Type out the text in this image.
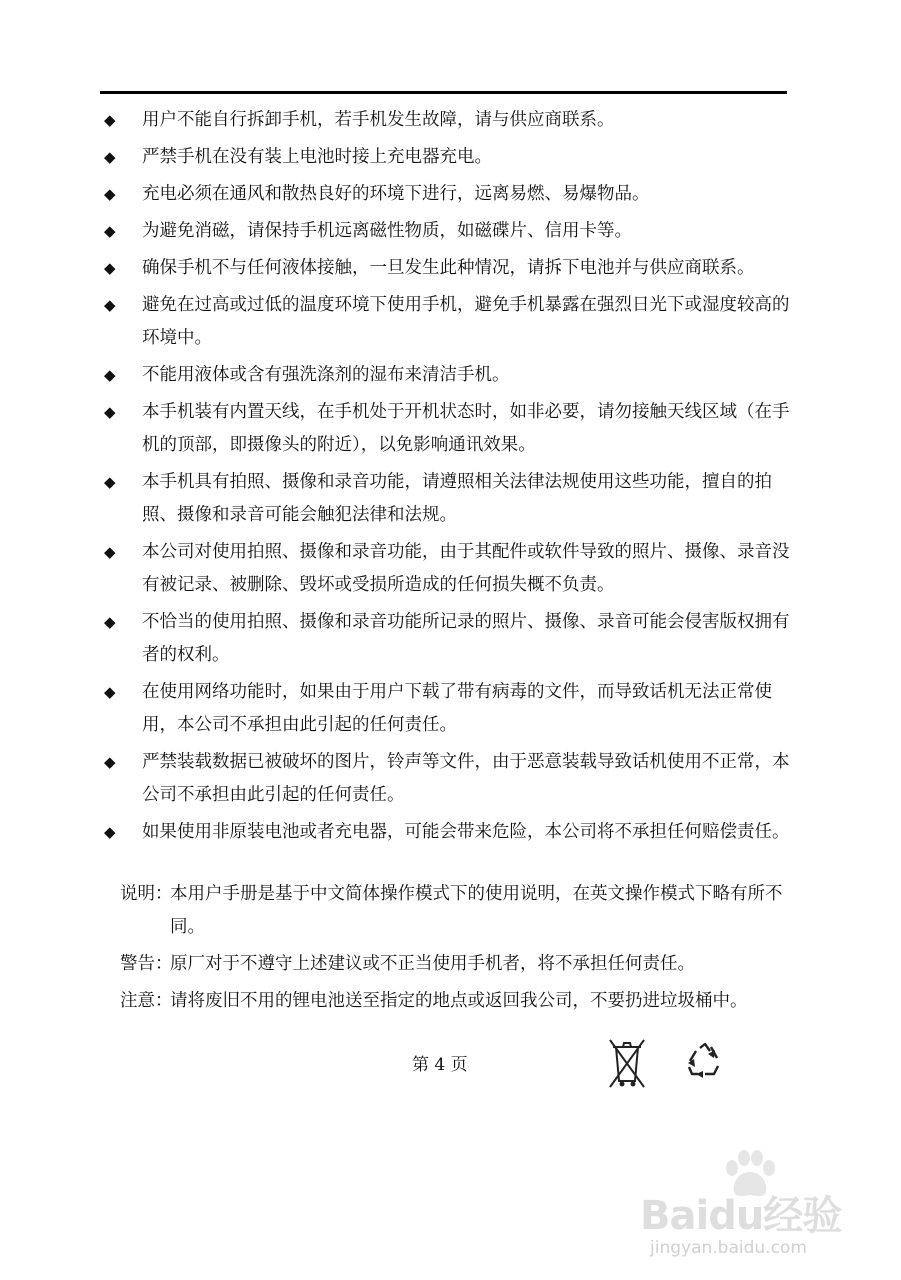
◆ 用户不能自行拆卸手机，若手机发生故障，请与供应商联系。
◆ 严禁手机在没有装上电池时接上充电器充电。
◆ 充电必须在通风和散热良好的环境下进行，远离易燃、易爆物品。
◆ 为避免消磁，请保持手机远离磁性物质，如磁碟片、信用卡等。
◆ 确保手机不与任何液体接触，一旦发生此种情况，请拆下电池并与供应商联系。
◆ 避免在过高或过低的温度环境下使用手机，避免手机暴露在强烈日光下或湿度较高的环境中。
◆ 不能用液体或含有强洗涤剂的湿布来清洁手机。
◆ 本手机装有内置天线，在手机处于开机状态时，如非必要，请勿接触天线区域（在手机的顶部，即摄像头的附近），以免影响通讯效果。
◆ 本手机具有拍照、摄像和录音功能，请遵照相关法律法规使用这些功能，擅自的拍照、摄像和录音可能会触犯法律和法规。
◆ 本公司对使用拍照、摄像和录音功能，由于其配件或软件导致的照片、摄像、录音没有被记录、被删除、毁坏或受损所造成的任何损失概不负责。
◆ 不恰当的使用拍照、摄像和录音功能所记录的照片、摄像、录音可能会侵害版权拥有者的权利。
◆ 在使用网络功能时，如果由于用户下载了带有病毒的文件，而导致话机无法正常使用，本公司不承担由此引起的任何责任。
◆ 严禁装载数据已被破坏的图片，铃声等文件，由于恶意装载导致话机使用不正常，本公司不承担由此引起的任何责任。
◆ 如果使用非原装电池或者充电器，可能会带来危险，本公司将不承担任何赔偿责任。
说明：
本用户手册是基于中文简体操作模式下的使用说明，在英文操作模式下略有所不同。
警告：
原厂对于不遵守上述建议或不正当使用手机者，将不承担任何责任。
注意：
请将废旧不用的锂电池送至指定的地点或返回我公司，不要扔进垃圾桶中。
第 4 页
Baidu经验
jingyan.baidu.com
